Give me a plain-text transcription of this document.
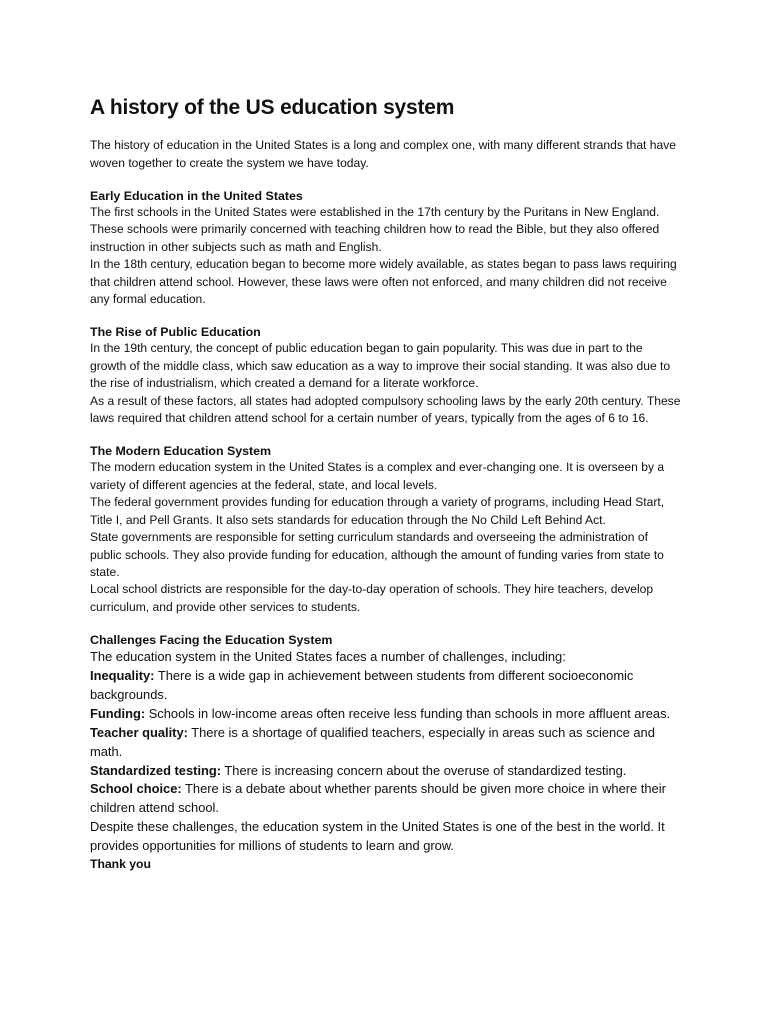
A history of the US education system

The history of education in the United States is a long and complex one, with many different strands that have woven together to create the system we have today.

Early Education in the United States

The first schools in the United States were established in the 17th century by the Puritans in New England. These schools were primarily concerned with teaching children how to read the Bible, but they also offered instruction in other subjects such as math and English.

In the 18th century, education began to become more widely available, as states began to pass laws requiring that children attend school. However, these laws were often not enforced, and many children did not receive any formal education.

The Rise of Public Education

In the 19th century, the concept of public education began to gain popularity. This was due in part to the growth of the middle class, which saw education as a way to improve their social standing. It was also due to the rise of industrialism, which created a demand for a literate workforce.

As a result of these factors, all states had adopted compulsory schooling laws by the early 20th century. These laws required that children attend school for a certain number of years, typically from the ages of 6 to 16.

The Modern Education System

The modern education system in the United States is a complex and ever-changing one. It is overseen by a variety of different agencies at the federal, state, and local levels.

The federal government provides funding for education through a variety of programs, including Head Start, Title I, and Pell Grants. It also sets standards for education through the No Child Left Behind Act.

State governments are responsible for setting curriculum standards and overseeing the administration of public schools. They also provide funding for education, although the amount of funding varies from state to state.

Local school districts are responsible for the day-to-day operation of schools. They hire teachers, develop curriculum, and provide other services to students.

Challenges Facing the Education System

The education system in the United States faces a number of challenges, including:

Inequality: There is a wide gap in achievement between students from different socioeconomic backgrounds.

Funding: Schools in low-income areas often receive less funding than schools in more affluent areas.

Teacher quality: There is a shortage of qualified teachers, especially in areas such as science and math.

Standardized testing: There is increasing concern about the overuse of standardized testing.

School choice: There is a debate about whether parents should be given more choice in where their children attend school.

Despite these challenges, the education system in the United States is one of the best in the world. It provides opportunities for millions of students to learn and grow.

Thank you
